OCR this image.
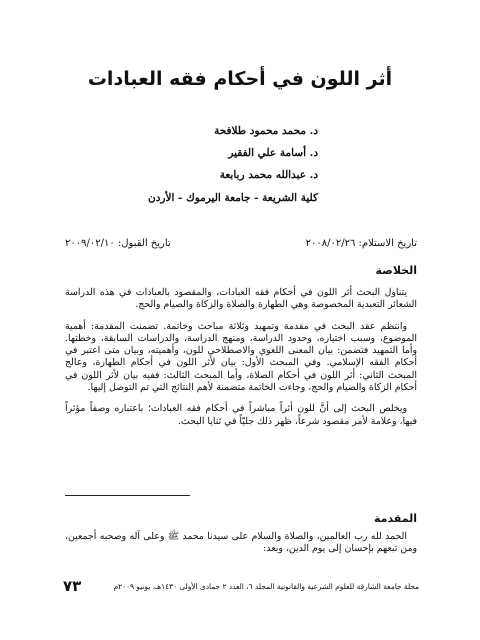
أثر اللون في أحكام فقه العبادات
د. محمد محمود طلافحة
د. أسامة علي الفقير
د. عبدالله محمد ربابعة
كلية الشريعة - جامعة اليرموك - الأردن
تاريخ الاستلام: ٢٠٠٨/٠٢/٢٦
تاريخ القبول: ٢٠٠٩/٠٢/١٠
الخلاصة

يتناول البحث أثر اللون في أحكام فقه العبادات، والمقصود بالعبادات في هذه الدراسة الشعائر التعبدية المخصوصة وهي الطهارة والصلاة والزكاة والصيام والحج.

وانتظم عقد البحث في مقدمة وتمهيد وثلاثة مباحث وخاتمة. تضمنت المقدمة: أهمية الموضوع، وسبب اختياره، وحدود الدراسة، ومنهج الدراسة، والدراسات السابقة، وخطتها. وأما التمهيد فتضمن: بيان المعنى اللغوي والاصطلاحي للون، وأهميته، وبيان متى اعتبر في أحكام الفقه الإسلامي. وفي المبحث الأول: بيان لأثر اللون في أحكام الطهارة، وعالج المبحث الثاني: أثر اللون في أحكام الصلاة، وأما المبحث الثالث: ففيه بيان لأثر اللون في أحكام الزكاة والصيام والحج، وجاءت الخاتمة متضمنة لأهم النتائج التي تم التوصل إليها.

ويخلص البحث إلى أنَّ للون أثراً مباشراً في أحكام فقه العبادات؛ باعتباره وصفاً مؤثراً فيها، وعلامة لأمر مقصود شرعاً، ظهر ذلك جليّاً في ثنايا البحث.

المقدمة

الحمد لله رب العالمين، والصلاة والسلام على سيدنا محمد ﷺ وعلى آله وصحبه أجمعين، ومن تبعهم بإحسان إلى يوم الدين، وبعد:

مجلة جامعة الشارقة للعلوم الشرعية والقانونية المجلد ٦، العدد ٢ جمادى الأولى ١٤٣٠هـ، يونيو ٢٠٠٩م
٧٣
